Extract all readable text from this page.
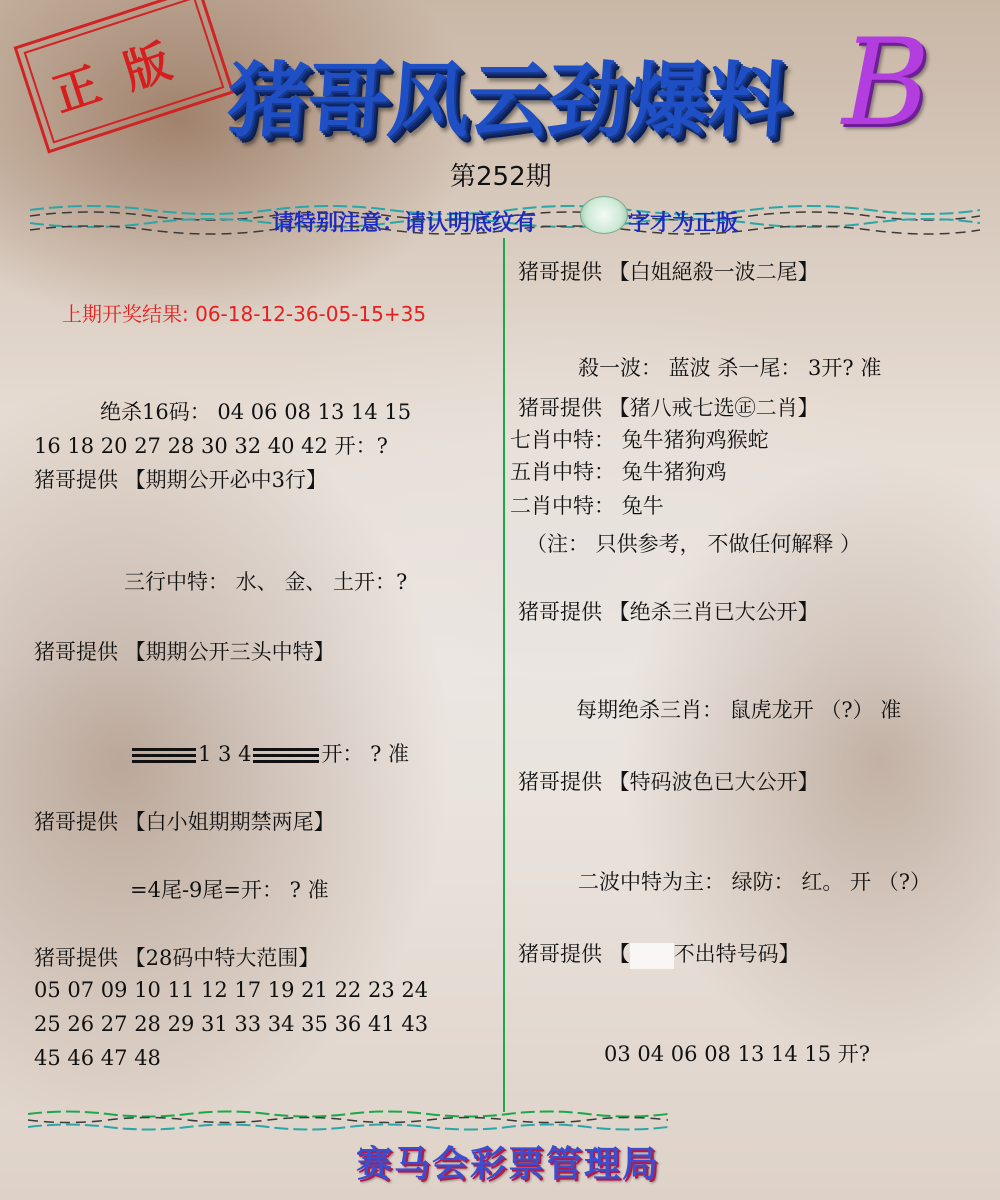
正版 猪哥风云劲爆料 B
第252期
请特别注意：请认明底纹有	字才为正版
上期开奖结果: 06-18-12-36-05-15+35
绝杀16码： 04 06 08 13 14 15
16 18 20 27 28 30 32 40 42 开：?
猪哥提供 【期期公开必中3行】
三行中特： 水、 金、 土开：?
猪哥提供 【期期公开三头中特】
1 3 4	开： ? 准
猪哥提供 【白小姐期期禁两尾】
=4尾-9尾=开： ? 准
猪哥提供 【28码中特大范围】
05 07 09 10 11 12 17 19 21 22 23 24
25 26 27 28 29 31 33 34 35 36 41 43
45 46 47 48
猪哥提供 【白姐絕殺一波二尾】
殺一波： 蓝波 杀一尾： 3开? 准
猪哥提供 【猪八戒七选㊣二肖】
七肖中特： 兔牛猪狗鸡猴蛇
五肖中特： 兔牛猪狗鸡
二肖中特： 兔牛
（注： 只供参考， 不做任何解释 ）
猪哥提供 【绝杀三肖已大公开】
每期绝杀三肖： 鼠虎龙开 （?） 准
猪哥提供 【特码波色已大公开】
二波中特为主： 绿防： 红。 开 （?）
猪哥提供 【 不出特号码】
03 04 06 08 13 14 15 开?
赛马会彩票管理局
